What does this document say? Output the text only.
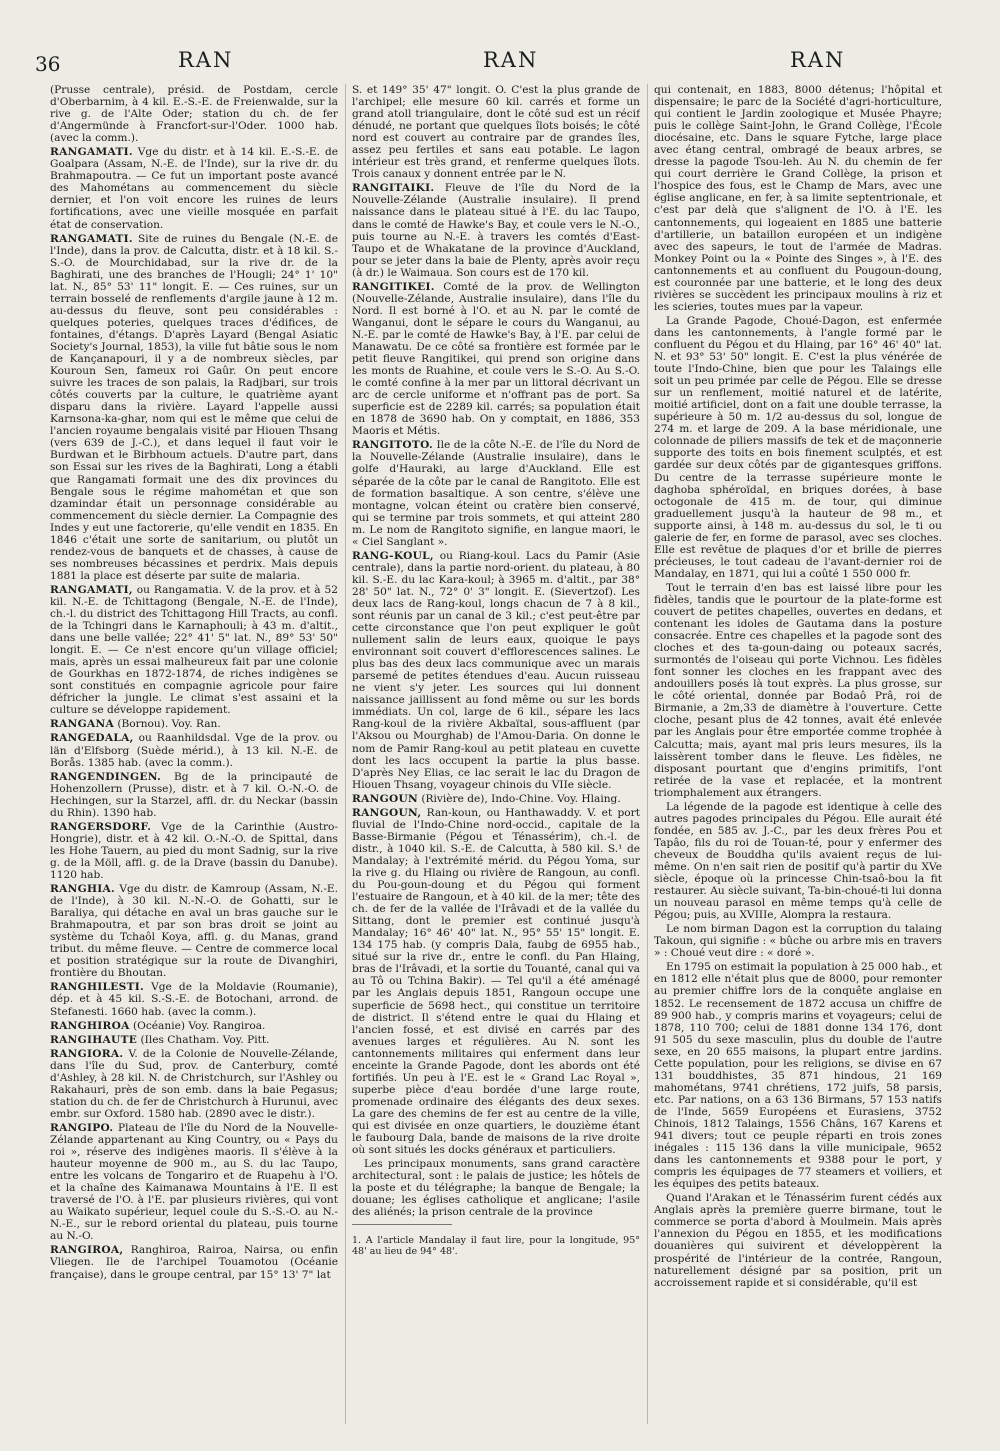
36	RAN	RAN	RAN

(Prusse centrale), présid. de Postdam, cercle d'Oberbarnim, à 4 kil. E.-S.-E. de Freienwalde, sur la rive g. de l'Alte Oder; station du ch. de fer d'Angermünde à Francfort-sur-l'Oder. 1000 hab. (avec la comm.).

RANGAMATI. Vge du distr. et à 14 kil. E.-S.-E. de Goalpara (Assam, N.-E. de l'Inde), sur la rive dr. du Brahmapoutra. — Ce fut un important poste avancé des Mahométans au commencement du siècle dernier, et l'on voit encore les ruines de leurs fortifications, avec une vieille mosquée en parfait état de conservation.

RANGAMATI. Site de ruines du Bengale (N.-E. de l'Inde), dans la prov. de Calcutta, distr. et à 18 kil. S.-S.-O. de Mourchidabad, sur la rive dr. de la Baghirati, une des branches de l'Hougli; 24° 1' 10" lat. N., 85° 53' 11" longit. E. — Ces ruines, sur un terrain bosselé de renflements d'argile jaune à 12 m. au-dessus du fleuve, sont peu considérables : quelques poteries, quelques traces d'édifices, de fontaines, d'étangs. D'après Layard (Bengal Asiatic Society's Journal, 1853), la ville fut bâtie sous le nom de Kançanapouri, il y a de nombreux siècles, par Kouroun Sen, fameux roi Gaûr. On peut encore suivre les traces de son palais, la Radjbari, sur trois côtés couverts par la culture, le quatrième ayant disparu dans la rivière. Layard l'appelle aussi Karnsona-ka-ghar, nom qui est le même que celui de l'ancien royaume bengalais visité par Hiouen Thsang (vers 639 de J.-C.), et dans lequel il faut voir le Burdwan et le Birbhoum actuels. D'autre part, dans son Essai sur les rives de la Baghirati, Long a établi que Rangamati formait une des dix provinces du Bengale sous le régime mahométan et que son dzamindar était un personnage considérable au commencement du siècle dernier. La Compagnie des Indes y eut une factorerie, qu'elle vendit en 1835. En 1846 c'était une sorte de sanitarium, ou plutôt un rendez-vous de banquets et de chasses, à cause de ses nombreuses bécassines et perdrix. Mais depuis 1881 la place est déserte par suite de malaria.

RANGAMATI, ou Rangamatia. V. de la prov. et à 52 kil. N.-E. de Tchittagong (Bengale, N.-E. de l'Inde), ch.-l. du district des Tchittagong Hill Tracts, au confl. de la Tchingri dans le Karnaphouli; à 43 m. d'altit., dans une belle vallée; 22° 41' 5" lat. N., 89° 53' 50" longit. E. — Ce n'est encore qu'un village officiel; mais, après un essai malheureux fait par une colonie de Gourkhas en 1872-1874, de riches indigènes se sont constitués en compagnie agricole pour faire défricher la jungle. Le climat s'est assaini et la culture se développe rapidement.

RANGANA (Bornou). Voy. Ran.

RANGEDALA, ou Raanhildsdal. Vge de la prov. ou län d'Elfsborg (Suède mérid.), à 13 kil. N.-E. de Borås. 1385 hab. (avec la comm.).

RANGENDINGEN. Bg de la principauté de Hohenzollern (Prusse), distr. et à 7 kil. O.-N.-O. de Hechingen, sur la Starzel, affl. dr. du Neckar (bassin du Rhin). 1390 hab.

RANGERSDORF. Vge de la Carinthie (Austro-Hongrie), distr. et à 42 kil. O.-N.-O. de Spittal, dans les Hohe Tauern, au pied du mont Sadnig, sur la rive g. de la Möll, affl. g. de la Drave (bassin du Danube). 1120 hab.

RANGHIA. Vge du distr. de Kamroup (Assam, N.-E. de l'Inde), à 30 kil. N.-N.-O. de Gohatti, sur le Baraliya, qui détache en aval un bras gauche sur le Brahmapoutra, et par son bras droit se joint au système du Tchaôl Koya, affl. g. du Manas, grand tribut. du même fleuve. — Centre de commerce local et position stratégique sur la route de Divanghiri, frontière du Bhoutan.

RANGHILESTI. Vge de la Moldavie (Roumanie), dép. et à 45 kil. S.-S.-E. de Botochani, arrond. de Stefanesti. 1660 hab. (avec la comm.).

RANGHIROA (Océanie) Voy. Rangiroa.

RANGIHAUTE (Iles Chatham. Voy. Pitt.

RANGIORA. V. de la Colonie de Nouvelle-Zélande, dans l'île du Sud, prov. de Canterbury, comté d'Ashley, à 28 kil. N. de Christchurch, sur l'Ashley ou Rakahauri, près de son emb. dans la baie Pegasus; station du ch. de fer de Christchurch à Hurunui, avec embr. sur Oxford. 1580 hab. (2890 avec le distr.).

RANGIPO. Plateau de l'île du Nord de la Nouvelle-Zélande appartenant au King Country, ou « Pays du roi », réserve des indigènes maoris. Il s'élève à la hauteur moyenne de 900 m., au S. du lac Taupo, entre les volcans de Tongariro et de Ruapehu à l'O. et la chaîne des Kaimanawa Mountains à l'E. Il est traversé de l'O. à l'E. par plusieurs rivières, qui vont au Waikato supérieur, lequel coule du S.-S.-O. au N.-N.-E., sur le rebord oriental du plateau, puis tourne au N.-O.

RANGIROA, Ranghiroa, Rairoa, Nairsa, ou enfin Vliegen. Ile de l'archipel Touamotou (Océanie française), dans le groupe central, par 15° 13' 7" lat

S. et 149° 35' 47" longit. O. C'est la plus grande de l'archipel; elle mesure 60 kil. carrés et forme un grand atoll triangulaire, dont le côté sud est un récif dénudé, ne portant que quelques îlots boisés; le côté nord est couvert au contraire par de grandes îles, assez peu fertiles et sans eau potable. Le lagon intérieur est très grand, et renferme quelques îlots. Trois canaux y donnent entrée par le N.

RANGITAIKI. Fleuve de l'île du Nord de la Nouvelle-Zélande (Australie insulaire). Il prend naissance dans le plateau situé à l'E. du lac Taupo, dans le comté de Hawke's Bay, et coule vers le N.-O., puis tourne au N.-E. à travers les comtés d'East-Taupo et de Whakatane de la province d'Auckland, pour se jeter dans la baie de Plenty, après avoir reçu (à dr.) le Waimaua. Son cours est de 170 kil.

RANGITIKEI. Comté de la prov. de Wellington (Nouvelle-Zélande, Australie insulaire), dans l'île du Nord. Il est borné à l'O. et au N. par le comté de Wanganui, dont le sépare le cours du Wanganui, au N.-E. par le comté de Hawke's Bay, à l'E. par celui de Manawatu. De ce côté sa frontière est formée par le petit fleuve Rangitikei, qui prend son origine dans les monts de Ruahine, et coule vers le S.-O. Au S.-O. le comté confine à la mer par un littoral décrivant un arc de cercle uniforme et n'offrant pas de port. Sa superficie est de 2289 kil. carrés; sa population était en 1878 de 3690 hab. On y comptait, en 1886, 353 Maoris et Métis.

RANGITOTO. Ile de la côte N.-E. de l'île du Nord de la Nouvelle-Zélande (Australie insulaire), dans le golfe d'Hauraki, au large d'Auckland. Elle est séparée de la côte par le canal de Rangitoto. Elle est de formation basaltique. A son centre, s'élève une montagne, volcan éteint ou cratère bien conservé, qui se termine par trois sommets, et qui atteint 280 m. Le nom de Rangitoto signifie, en langue maori, le « Ciel Sanglant ».

RANG-KOUL, ou Riang-koul. Lacs du Pamir (Asie centrale), dans la partie nord-orient. du plateau, à 80 kil. S.-E. du lac Kara-koul; à 3965 m. d'altit., par 38° 28' 50" lat. N., 72° 0' 3" longit. E. (Sievertzof). Les deux lacs de Rang-koul, longs chacun de 7 à 8 kil., sont réunis par un canal de 3 kil.; c'est peut-être par cette circonstance que l'on peut expliquer le goût nullement salin de leurs eaux, quoique le pays environnant soit couvert d'efflorescences salines. Le plus bas des deux lacs communique avec un marais parsemé de petites étendues d'eau. Aucun ruisseau ne vient s'y jeter. Les sources qui lui donnent naissance jaillissent au fond même ou sur les bords immédiats. Un col, large de 6 kil., sépare les lacs Rang-koul de la rivière Akbaïtal, sous-affluent (par l'Aksou ou Mourghab) de l'Amou-Daria. On donne le nom de Pamir Rang-koul au petit plateau en cuvette dont les lacs occupent la partie la plus basse. D'après Ney Elias, ce lac serait le lac du Dragon de Hiouen Thsang, voyageur chinois du VIIe siècle.

RANGOUN (Rivière de), Indo-Chine. Voy. Hlaing.

RANGOUN, Ran-koun, ou Hanthawaddy. V. et port fluvial de l'Indo-Chine nord-occid., capitale de la Basse-Birmanie (Pégou et Ténassérim), ch.-l. de distr., à 1040 kil. S.-E. de Calcutta, à 580 kil. S.¹ de Mandalay; à l'extrémité mérid. du Pégou Yoma, sur la rive g. du Hlaing ou rivière de Rangoun, au confl. du Pou-goun-doung et du Pégou qui forment l'estuaire de Rangoun, et à 40 kil. de la mer; tête des ch. de fer de la vallée de l'Irâvadi et de la vallée du Sittang, dont le premier est continué jusqu'à Mandalay; 16° 46' 40" lat. N., 95° 55' 15" longit. E. 134 175 hab. (y compris Dala, faubg de 6955 hab., situé sur la rive dr., entre le confl. du Pan Hlaing, bras de l'Irâvadi, et la sortie du Touanté, canal qui va au Tô ou Tchina Bakir). — Tel qu'il a été aménagé par les Anglais depuis 1851, Rangoun occupe une superficie de 5698 hect., qui constitue un territoire de district. Il s'étend entre le quai du Hlaing et l'ancien fossé, et est divisé en carrés par des avenues larges et régulières. Au N. sont les cantonnements militaires qui enferment dans leur enceinte la Grande Pagode, dont les abords ont été fortifiés. Un peu à l'E. est le « Grand Lac Royal », superbe pièce d'eau bordée d'une large route, promenade ordinaire des élégants des deux sexes. La gare des chemins de fer est au centre de la ville, qui est divisée en onze quartiers, le douzième étant le faubourg Dala, bande de maisons de la rive droite où sont situés les docks généraux et particuliers.

Les principaux monuments, sans grand caractère architectural, sont : le palais de justice; les hôtels de la poste et du télégraphe; la banque de Bengale; la douane; les églises catholique et anglicane; l'asile des aliénés; la prison centrale de la province

1. A l'article Mandalay il faut lire, pour la longitude, 95° 48' au lieu de 94° 48'.

qui contenait, en 1883, 8000 détenus; l'hôpital et dispensaire; le parc de la Société d'agri-horticulture, qui contient le Jardin zoologique et Musée Phayre; puis le collège Saint-John, le Grand Collège, l'École diocésaine, etc. Dans le square Fytche, large place avec étang central, ombragé de beaux arbres, se dresse la pagode Tsou-leh. Au N. du chemin de fer qui court derrière le Grand Collège, la prison et l'hospice des fous, est le Champ de Mars, avec une église anglicane, en fer, à sa limite septentrionale, et c'est par delà que s'alignent de l'O. à l'E. les cantonnements, qui logeaient en 1885 une batterie d'artillerie, un bataillon européen et un indigène avec des sapeurs, le tout de l'armée de Madras. Monkey Point ou la « Pointe des Singes », à l'E. des cantonnements et au confluent du Pougoun-doung, est couronnée par une batterie, et le long des deux rivières se succèdent les principaux moulins à riz et les scieries, toutes mues par la vapeur.

La Grande Pagode, Choué-Dagon, est enfermée dans les cantonnements, à l'angle formé par le confluent du Pégou et du Hlaing, par 16° 46' 40" lat. N. et 93° 53' 50" longit. E. C'est la plus vénérée de toute l'Indo-Chine, bien que pour les Talaings elle soit un peu primée par celle de Pégou. Elle se dresse sur un renflement, moitié naturel et de latérite, moitié artificiel, dont on a fait une double terrasse, la supérieure à 50 m. 1/2 au-dessus du sol, longue de 274 m. et large de 209. A la base méridionale, une colonnade de piliers massifs de tek et de maçonnerie supporte des toits en bois finement sculptés, et est gardée sur deux côtés par de gigantesques griffons. Du centre de la terrasse supérieure monte le daghoba sphéroïdal, en briques dorées, à base octogonale de 415 m. de tour, qui diminue graduellement jusqu'à la hauteur de 98 m., et supporte ainsi, à 148 m. au-dessus du sol, le ti ou galerie de fer, en forme de parasol, avec ses cloches. Elle est revêtue de plaques d'or et brille de pierres précieuses, le tout cadeau de l'avant-dernier roi de Mandalay, en 1871, qui lui a coûté 1 550 000 fr.

Tout le terrain d'en bas est laissé libre pour les fidèles, tandis que le pourtour de la plate-forme est couvert de petites chapelles, ouvertes en dedans, et contenant les idoles de Gautama dans la posture consacrée. Entre ces chapelles et la pagode sont des cloches et des ta-goun-daing ou poteaux sacrés, surmontés de l'oiseau qui porte Vichnou. Les fidèles font sonner les cloches en les frappant avec des andouillers posés là tout exprès. La plus grosse, sur le côté oriental, donnée par Bodaô Prâ, roi de Birmanie, a 2m,33 de diamètre à l'ouverture. Cette cloche, pesant plus de 42 tonnes, avait été enlevée par les Anglais pour être emportée comme trophée à Calcutta; mais, ayant mal pris leurs mesures, ils la laissèrent tomber dans le fleuve. Les fidèles, ne disposant pourtant que d'engins primitifs, l'ont retirée de la vase et replacée, et la montrent triomphalement aux étrangers.

La légende de la pagode est identique à celle des autres pagodes principales du Pégou. Elle aurait été fondée, en 585 av. J.-C., par les deux frères Pou et Tapâo, fils du roi de Touan-té, pour y enfermer des cheveux de Bouddha qu'ils avaient reçus de lui-même. On n'en sait rien de positif qu'à partir du XVe siècle, époque où la princesse Chin-tsaô-bou la fit restaurer. Au siècle suivant, Ta-bin-choué-ti lui donna un nouveau parasol en même temps qu'à celle de Pégou; puis, au XVIIIe, Alompra la restaura.

Le nom birman Dagon est la corruption du talaing Takoun, qui signifie : « bûche ou arbre mis en travers » : Choué veut dire : « doré ».

En 1795 on estimait la population à 25 000 hab., et en 1812 elle n'était plus que de 8000, pour remonter au premier chiffre lors de la conquête anglaise en 1852. Le recensement de 1872 accusa un chiffre de 89 900 hab., y compris marins et voyageurs; celui de 1878, 110 700; celui de 1881 donne 134 176, dont 91 505 du sexe masculin, plus du double de l'autre sexe, en 20 655 maisons, la plupart entre jardins. Cette population, pour les religions, se divise en 67 131 bouddhistes, 35 871 hindous, 21 169 mahométans, 9741 chrétiens, 172 juifs, 58 parsis, etc. Par nations, on a 63 136 Birmans, 57 153 natifs de l'Inde, 5659 Européens et Eurasiens, 3752 Chinois, 1812 Talaings, 1556 Châns, 167 Karens et 941 divers; tout ce peuple réparti en trois zones inégales : 115 136 dans la ville municipale, 9652 dans les cantonnements et 9388 pour le port, y compris les équipages de 77 steamers et voiliers, et les équipes des petits bateaux.

Quand l'Arakan et le Ténassérim furent cédés aux Anglais après la première guerre birmane, tout le commerce se porta d'abord à Moulmein. Mais après l'annexion du Pégou en 1855, et les modifications douanières qui suivirent et développèrent la prospérité de l'intérieur de la contrée, Rangoun, naturellement désigné par sa position, prit un accroissement rapide et si considérable, qu'il est
